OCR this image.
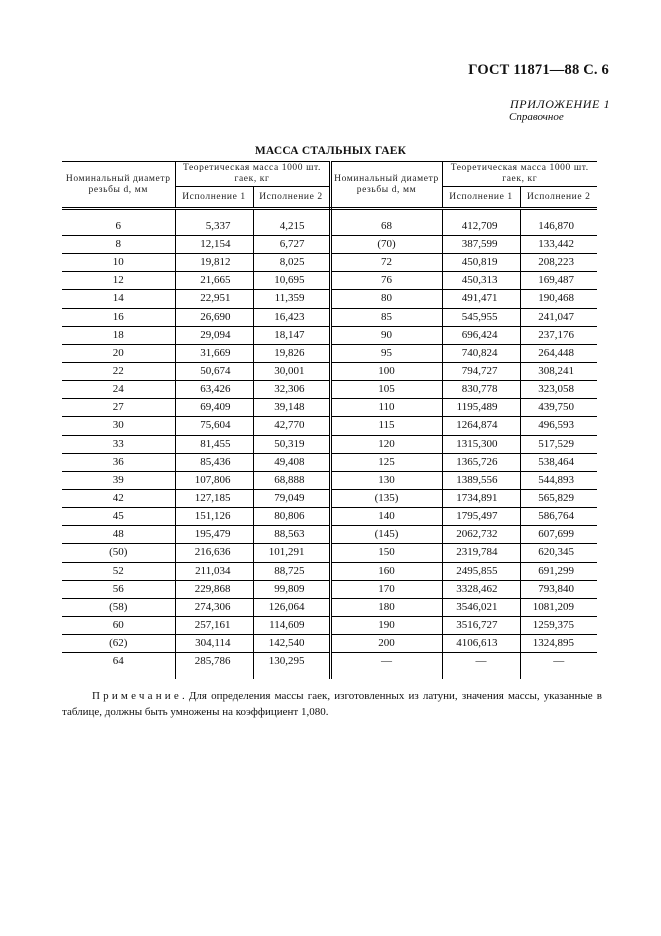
ГОСТ 11871—88 С. 6
ПРИЛОЖЕНИЕ 1
Справочное
МАССА СТАЛЬНЫХ ГАЕК
Номинальный диаметр резьбы d, мм	Теоретическая масса 1000 шт. гаек, кг		Номинальный диаметр резьбы d, мм	Теоретическая масса 1000 шт. гаек, кг	
	Исполнение 1	Исполнение 2		Исполнение 1	Исполнение 2

6	5,337	4,215	68	412,709	146,870
8	12,154	6,727	(70)	387,599	133,442
10	19,812	8,025	72	450,819	208,223
12	21,665	10,695	76	450,313	169,487
14	22,951	11,359	80	491,471	190,468
16	26,690	16,423	85	545,955	241,047
18	29,094	18,147	90	696,424	237,176
20	31,669	19,826	95	740,824	264,448
22	50,674	30,001	100	794,727	308,241
24	63,426	32,306	105	830,778	323,058
27	69,409	39,148	110	1195,489	439,750
30	75,604	42,770	115	1264,874	496,593
33	81,455	50,319	120	1315,300	517,529
36	85,436	49,408	125	1365,726	538,464
39	107,806	68,888	130	1389,556	544,893
42	127,185	79,049	(135)	1734,891	565,829
45	151,126	80,806	140	1795,497	586,764
48	195,479	88,563	(145)	2062,732	607,699
(50)	216,636	101,291	150	2319,784	620,345
52	211,034	88,725	160	2495,855	691,299
56	229,868	99,809	170	3328,462	793,840
(58)	274,306	126,064	180	3546,021	1081,209
60	257,161	114,609	190	3516,727	1259,375
(62)	304,114	142,540	200	4106,613	1324,895
64	285,786	130,295	—	—	—
Примечание. Для определения массы гаек, изготовленных из латуни, значения массы, указанные в таблице, должны быть умножены на коэффициент 1,080.
